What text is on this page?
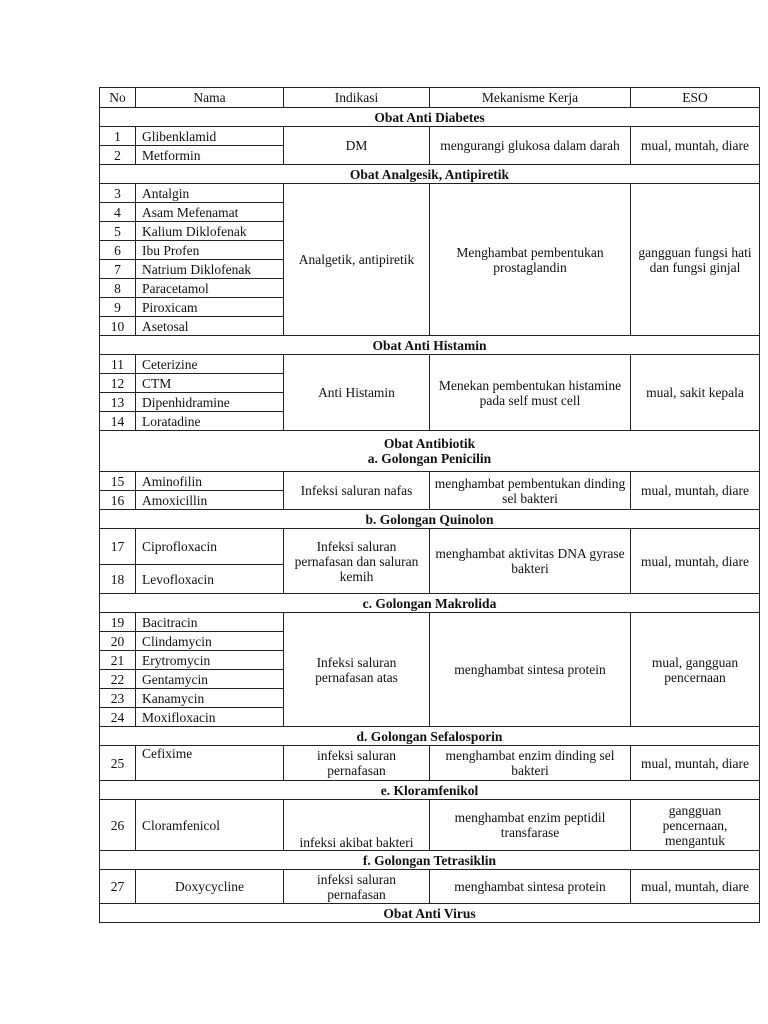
No	Nama	Indikasi	Mekanisme Kerja	ESO
Obat Anti Diabetes				
1	Glibenklamid	DM	mengurangi glukosa dalam darah	mual, muntah, diare
2	Metformin			
Obat Analgesik, Antipiretik				
3	Antalgin	Analgetik, antipiretik	Menghambat pembentukan prostaglandin	gangguan fungsi hati dan fungsi ginjal
4	Asam Mefenamat			
5	Kalium Diklofenak			
6	Ibu Profen			
7	Natrium Diklofenak			
8	Paracetamol			
9	Piroxicam			
10	Asetosal			
Obat Anti Histamin				
11	Ceterizine	Anti Histamin	Menekan pembentukan histamine pada self must cell	mual, sakit kepala
12	CTM			
13	Dipenhidramine			
14	Loratadine			

Obat Antibiotik
a. Golongan Penicilin				

15	Aminofilin	Infeksi saluran nafas	menghambat pembentukan dinding sel bakteri	mual, muntah, diare
16	Amoxicillin			
b. Golongan Quinolon				
17	Ciprofloxacin	Infeksi saluran pernafasan dan saluran kemih	menghambat aktivitas DNA gyrase bakteri	mual, muntah, diare
18	Levofloxacin			
c. Golongan Makrolida				
19	Bacitracin	Infeksi saluran pernafasan atas	menghambat sintesa protein	mual, gangguan pencernaan
20	Clindamycin			
21	Erytromycin			
22	Gentamycin			
23	Kanamycin			
24	Moxifloxacin			
d. Golongan Sefalosporin				
25	Cefixime	infeksi saluran pernafasan	menghambat enzim dinding sel bakteri	mual, muntah, diare
e. Kloramfenikol				
26	Cloramfenicol	infeksi akibat bakteri	menghambat enzim peptidil transfarase	gangguan pencernaan, mengantuk
f. Golongan Tetrasiklin				
27	Doxycycline	infeksi saluran pernafasan	menghambat sintesa protein	mual, muntah, diare
Obat Anti Virus				
